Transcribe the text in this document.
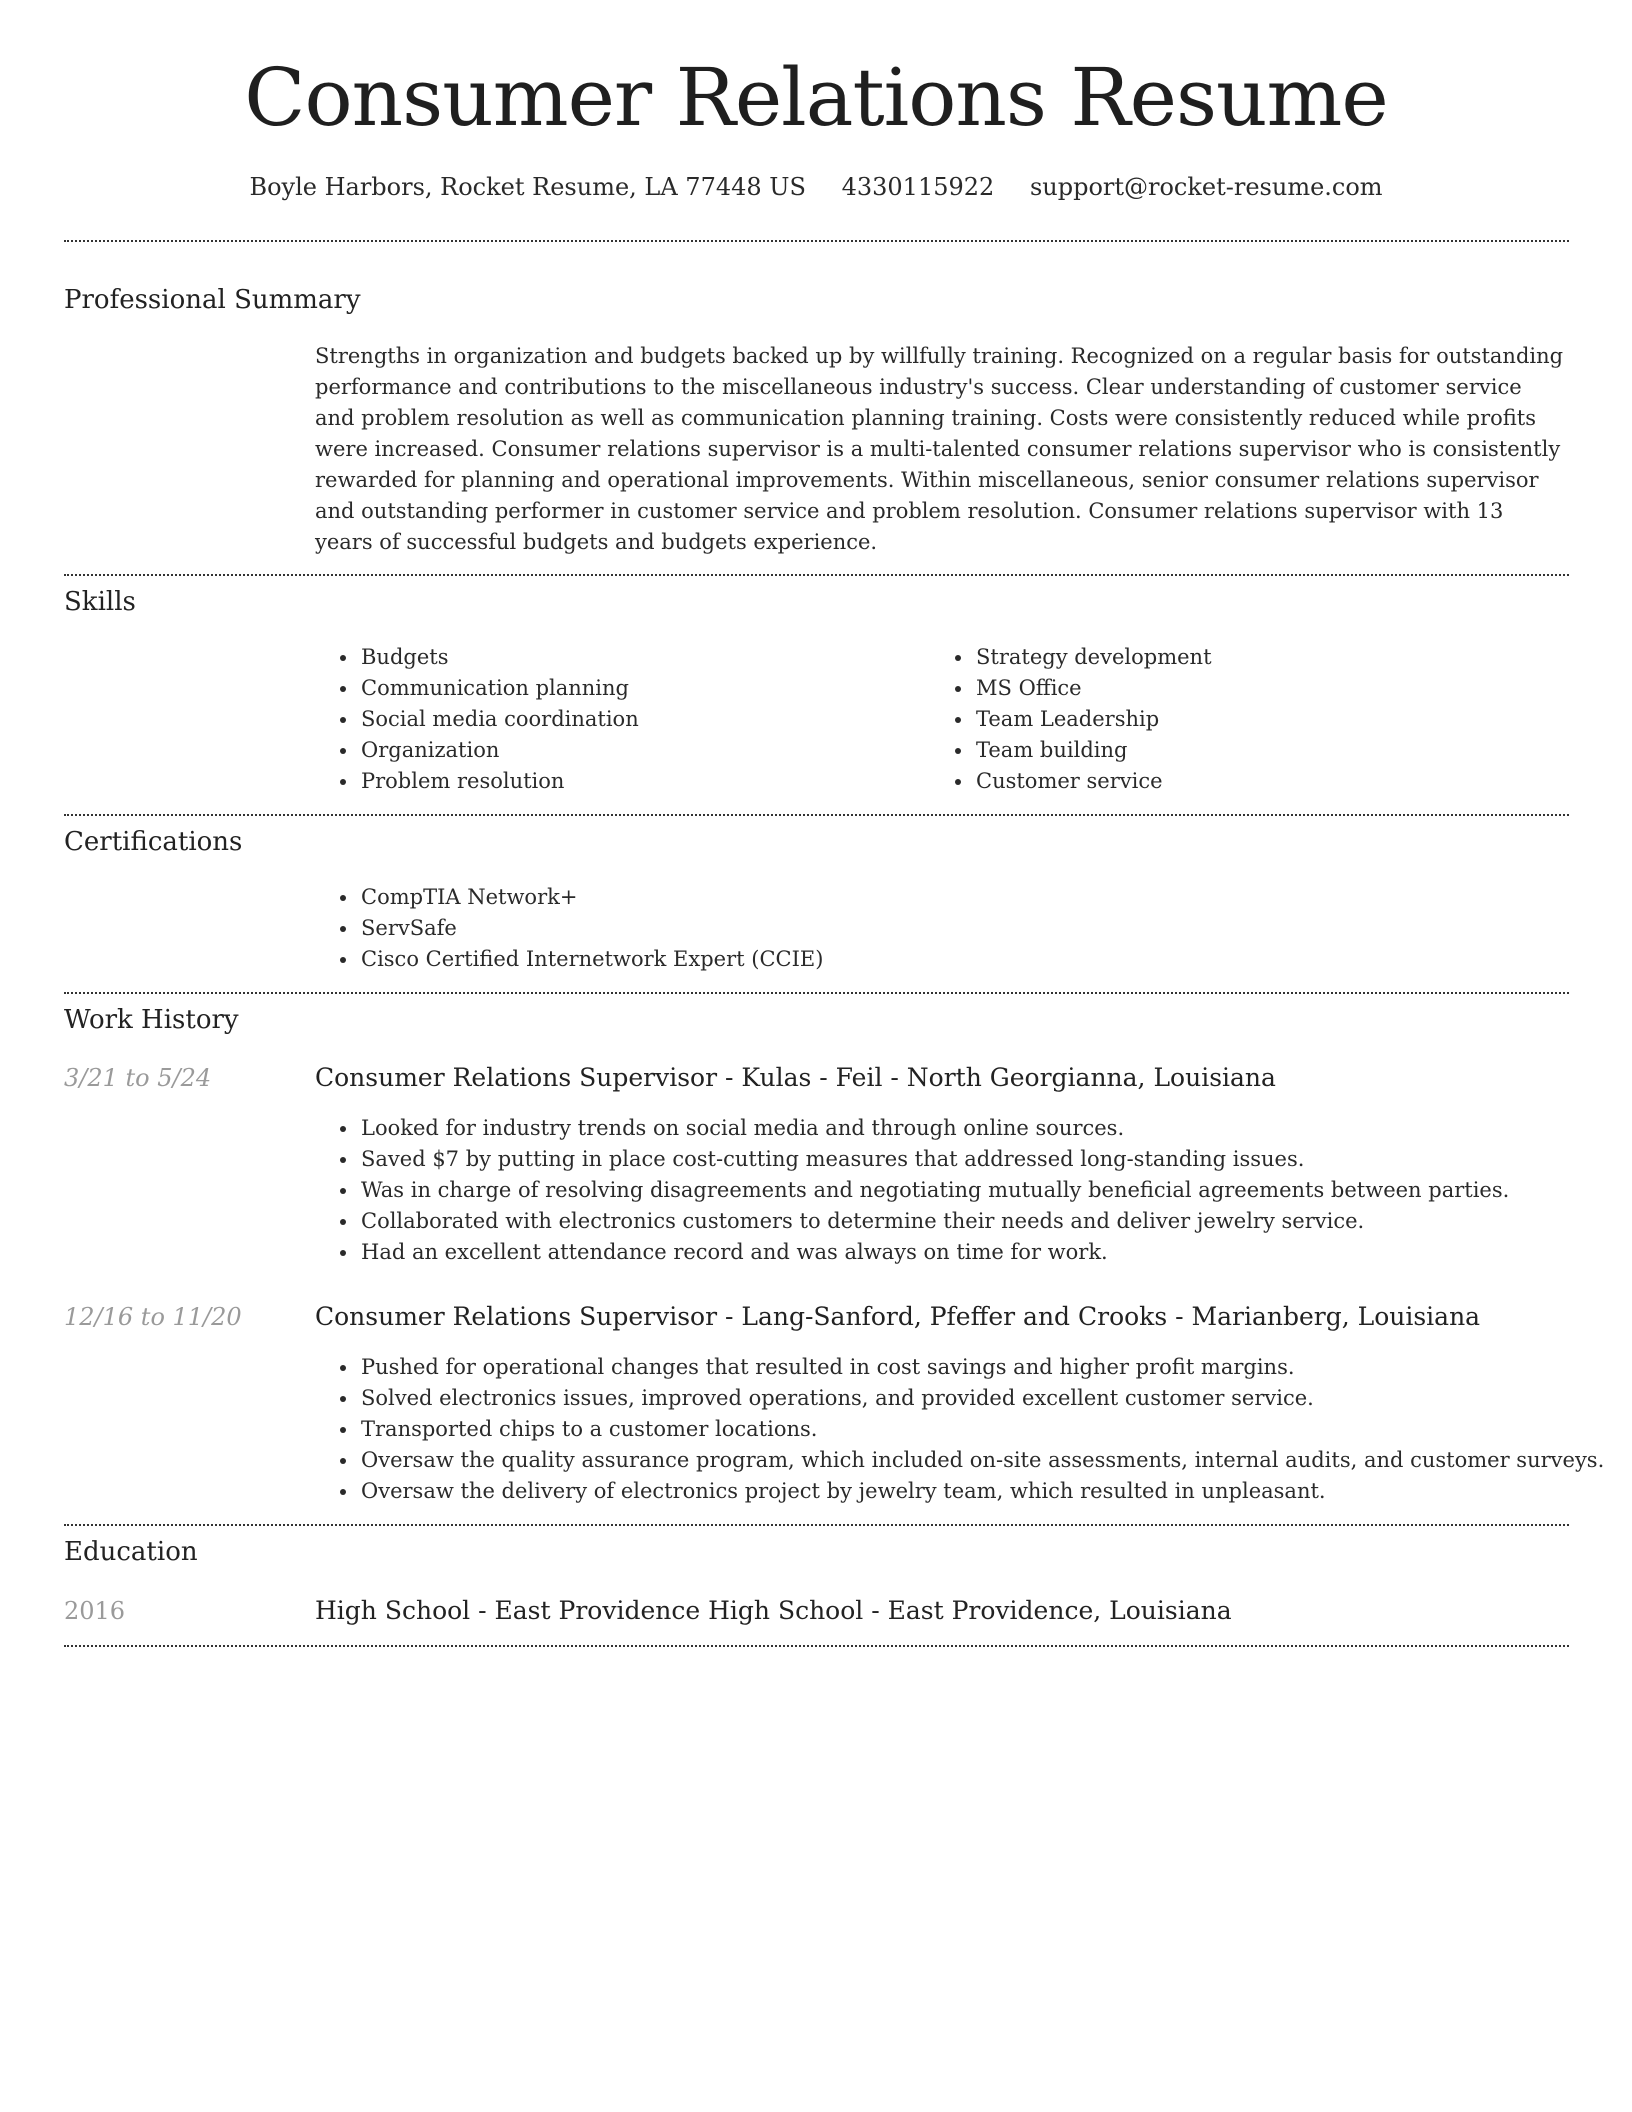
Consumer Relations Resume
Boyle Harbors, Rocket Resume, LA 77448 US 4330115922 support@rocket-resume.com
Professional Summary
Strengths in organization and budgets backed up by willfully training. Recognized on a regular basis for outstanding performance and contributions to the miscellaneous industry's success. Clear understanding of customer service and problem resolution as well as communication planning training. Costs were consistently reduced while profits were increased. Consumer relations supervisor is a multi-talented consumer relations supervisor who is consistently rewarded for planning and operational improvements. Within miscellaneous, senior consumer relations supervisor and outstanding performer in customer service and problem resolution. Consumer relations supervisor with 13 years of successful budgets and budgets experience.
Skills
• Budgets
• Communication planning
• Social media coordination
• Organization
• Problem resolution
• Strategy development
• MS Office
• Team Leadership
• Team building
• Customer service
Certifications
• CompTIA Network+
• ServSafe
• Cisco Certified Internetwork Expert (CCIE)
Work History
3/21 to 5/24	Consumer Relations Supervisor - Kulas - Feil - North Georgianna, Louisiana
• Looked for industry trends on social media and through online sources.
• Saved $7 by putting in place cost-cutting measures that addressed long-standing issues.
• Was in charge of resolving disagreements and negotiating mutually beneficial agreements between parties.
• Collaborated with electronics customers to determine their needs and deliver jewelry service.
• Had an excellent attendance record and was always on time for work.
12/16 to 11/20	Consumer Relations Supervisor - Lang-Sanford, Pfeffer and Crooks - Marianberg, Louisiana
• Pushed for operational changes that resulted in cost savings and higher profit margins.
• Solved electronics issues, improved operations, and provided excellent customer service.
• Transported chips to a customer locations.
• Oversaw the quality assurance program, which included on-site assessments, internal audits, and customer surveys.
• Oversaw the delivery of electronics project by jewelry team, which resulted in unpleasant.
Education
2016	High School - East Providence High School - East Providence, Louisiana
